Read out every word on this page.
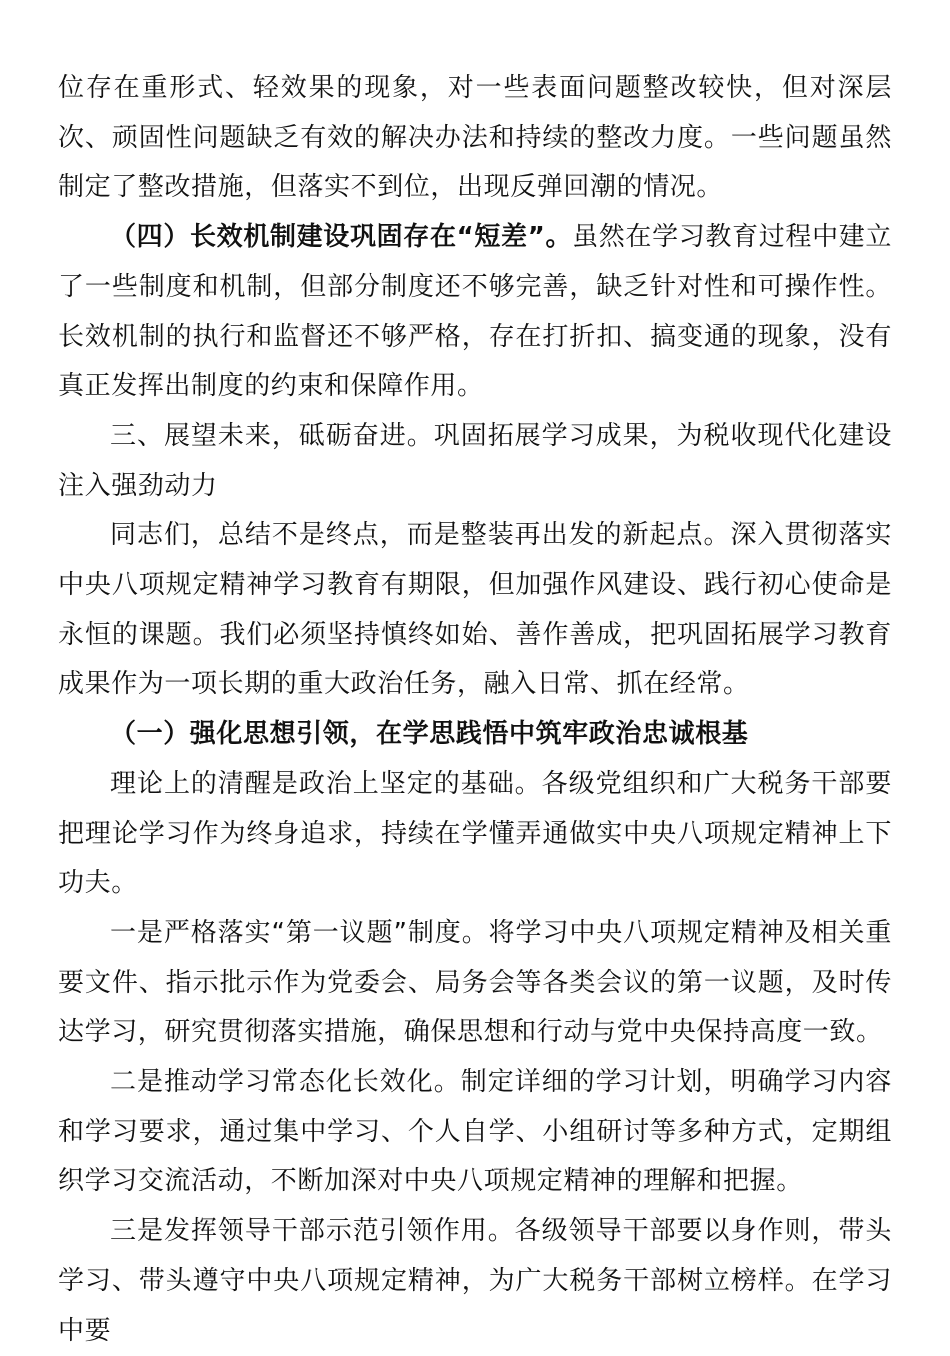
位存在重形式、轻效果的现象，对一些表面问题整改较快，但对深层次、顽固性问题缺乏有效的解决办法和持续的整改力度。一些问题虽然制定了整改措施，但落实不到位，出现反弹回潮的情况。

（四）长效机制建设巩固存在“短差”。虽然在学习教育过程中建立了一些制度和机制，但部分制度还不够完善，缺乏针对性和可操作性。长效机制的执行和监督还不够严格，存在打折扣、搞变通的现象，没有真正发挥出制度的约束和保障作用。

三、展望未来，砥砺奋进。巩固拓展学习成果，为税收现代化建设注入强劲动力

同志们，总结不是终点，而是整装再出发的新起点。深入贯彻落实中央八项规定精神学习教育有期限，但加强作风建设、践行初心使命是永恒的课题。我们必须坚持慎终如始、善作善成，把巩固拓展学习教育成果作为一项长期的重大政治任务，融入日常、抓在经常。

（一）强化思想引领，在学思践悟中筑牢政治忠诚根基

理论上的清醒是政治上坚定的基础。各级党组织和广大税务干部要把理论学习作为终身追求，持续在学懂弄通做实中央八项规定精神上下功夫。

一是严格落实“第一议题”制度。将学习中央八项规定精神及相关重要文件、指示批示作为党委会、局务会等各类会议的第一议题，及时传达学习，研究贯彻落实措施，确保思想和行动与党中央保持高度一致。

二是推动学习常态化长效化。制定详细的学习计划，明确学习内容和学习要求，通过集中学习、个人自学、小组研讨等多种方式，定期组织学习交流活动，不断加深对中央八项规定精神的理解和把握。

三是发挥领导干部示范引领作用。各级领导干部要以身作则，带头学习、带头遵守中央八项规定精神，为广大税务干部树立榜样。在学习中要
